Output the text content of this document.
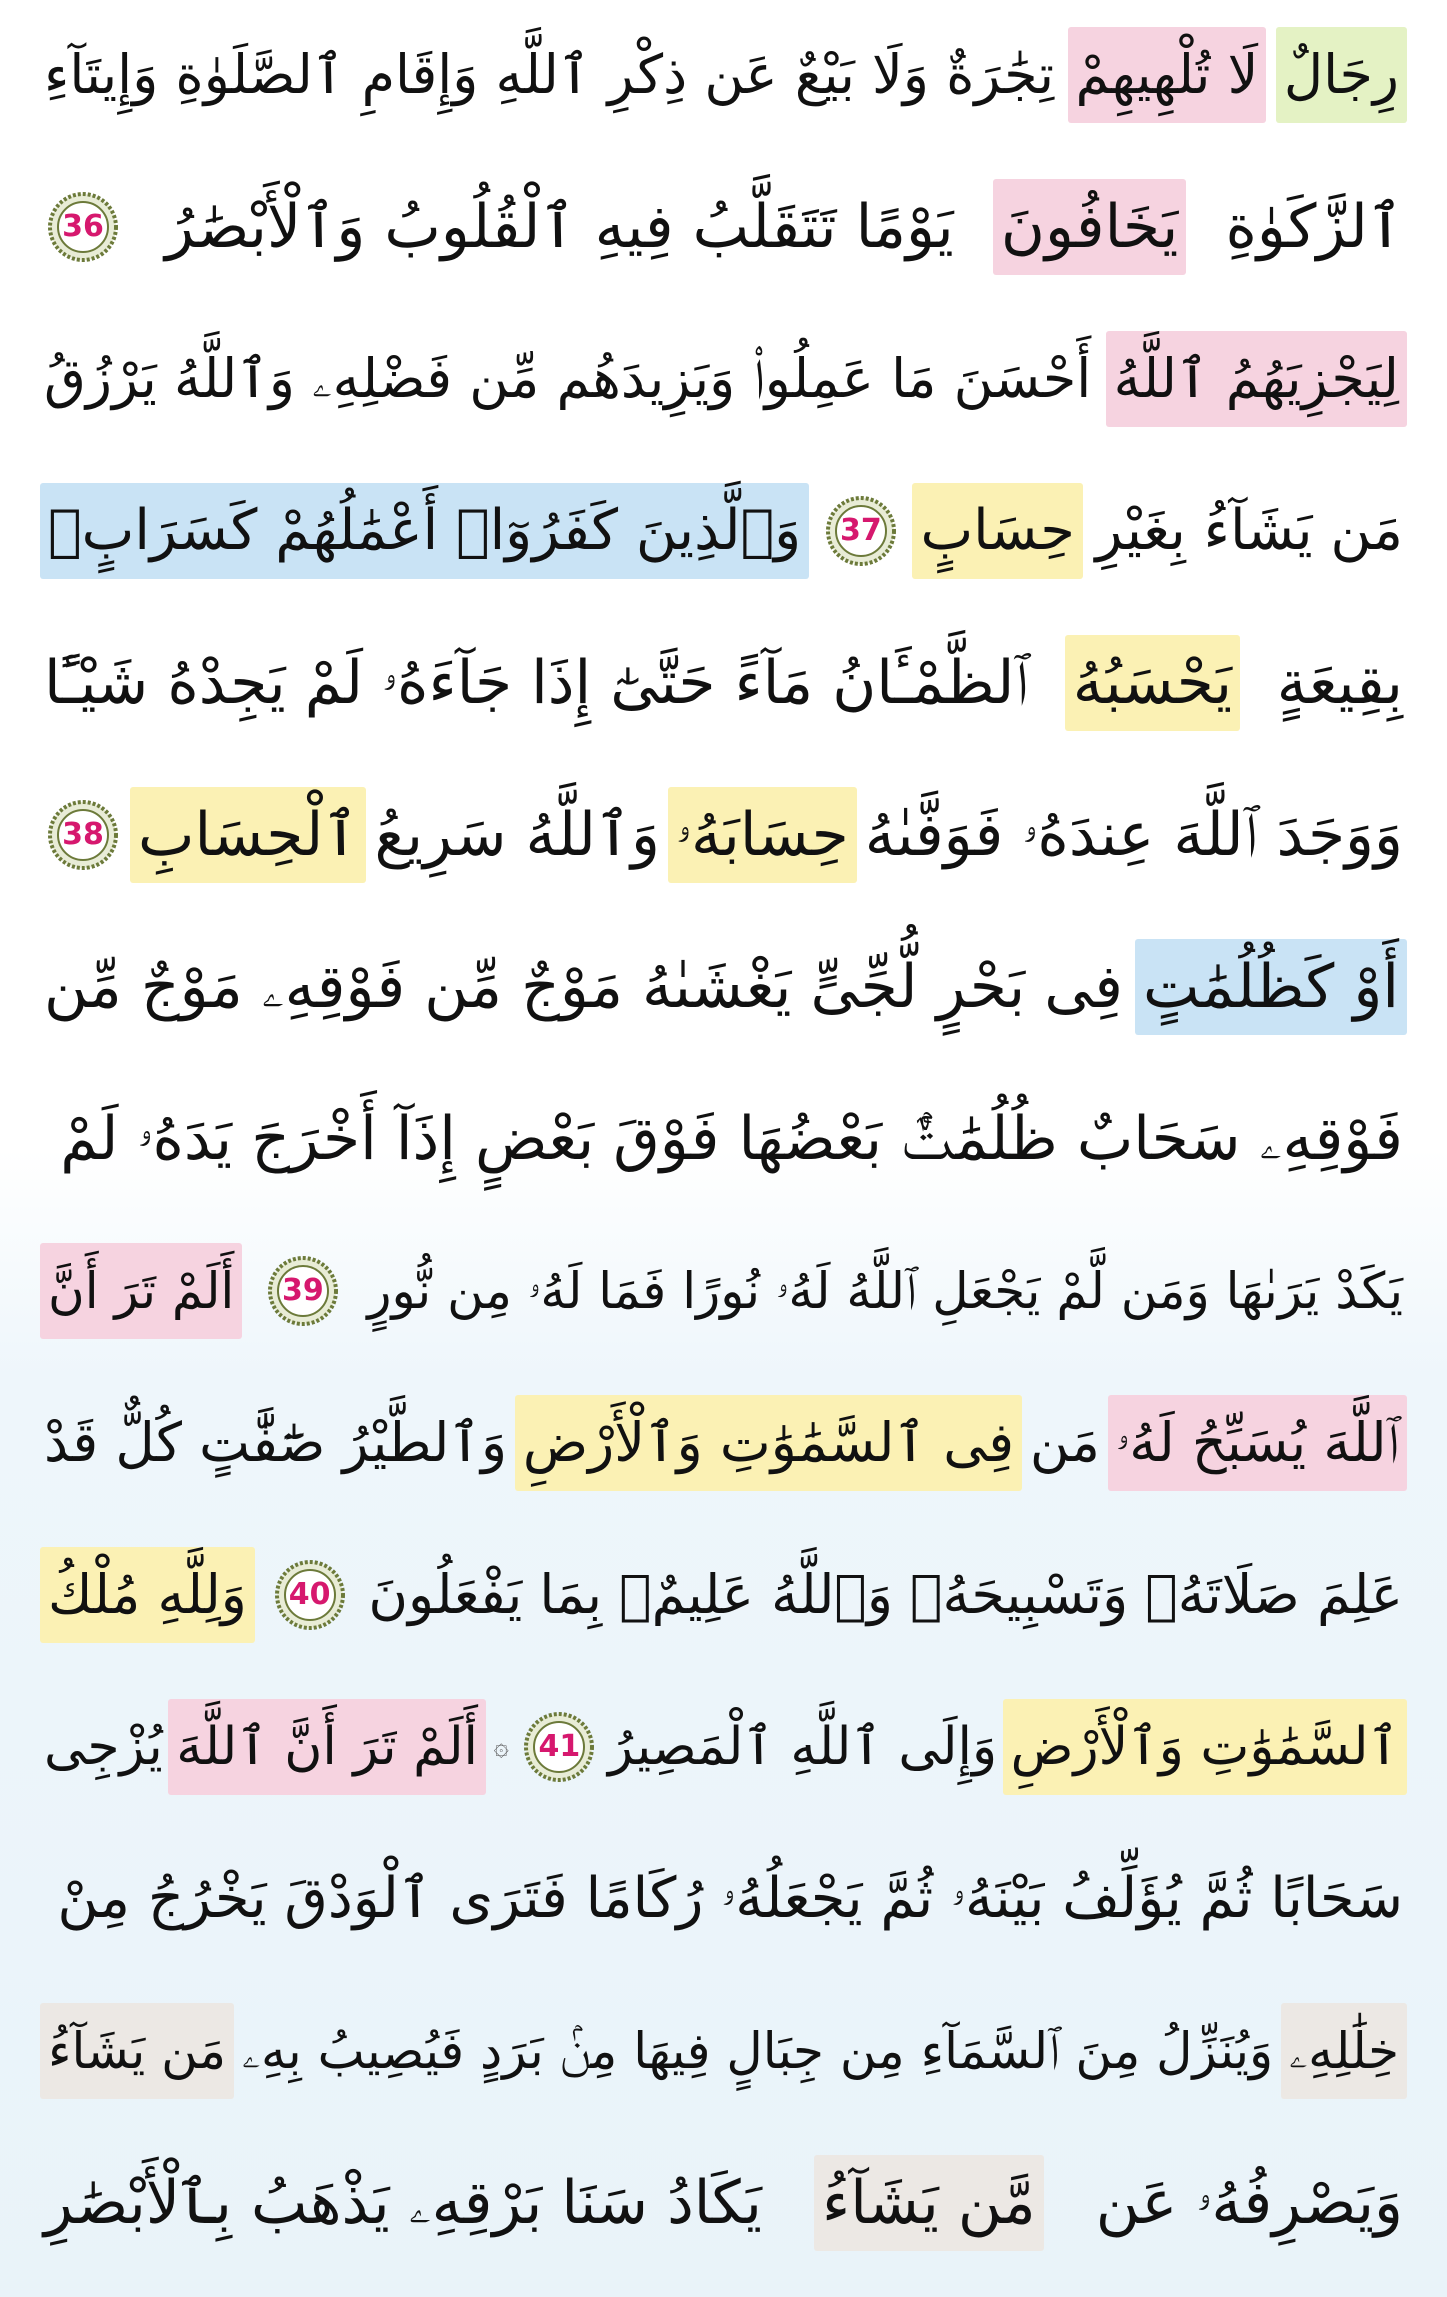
رِجَالٌ
لَا تُلْهِيهِمْ
تِجَٰرَةٌ وَلَا بَيْعٌ عَن ذِكْرِ ٱللَّهِ وَإِقَامِ ٱلصَّلَوٰةِ وَإِيتَآءِ
ٱلزَّكَوٰةِ
يَخَافُونَ
يَوْمًا تَتَقَلَّبُ فِيهِ ٱلْقُلُوبُ وَٱلْأَبْصَٰرُ
36
لِيَجْزِيَهُمُ ٱللَّهُ
أَحْسَنَ مَا عَمِلُوا۟ وَيَزِيدَهُم مِّن فَضْلِهِۦ وَٱللَّهُ يَرْزُقُ
مَن يَشَآءُ بِغَيْرِ
حِسَابٍ
37
وَٱلَّذِينَ كَفَرُوٓا۟ أَعْمَٰلُهُمْ كَسَرَابٍۭ
بِقِيعَةٍ
يَحْسَبُهُ
ٱلظَّمْـَٔانُ مَآءً حَتَّىٰٓ إِذَا جَآءَهُۥ لَمْ يَجِدْهُ شَيْـًٔا
وَوَجَدَ ٱللَّهَ عِندَهُۥ فَوَفَّىٰهُ
حِسَابَهُۥ
وَٱللَّهُ سَرِيعُ
ٱلْحِسَابِ
38
أَوْ كَظُلُمَٰتٍ
فِى بَحْرٍ لُّجِّىٍّ يَغْشَىٰهُ مَوْجٌ مِّن فَوْقِهِۦ مَوْجٌ مِّن
فَوْقِهِۦ سَحَابٌ ظُلُمَٰتٌۢ بَعْضُهَا فَوْقَ بَعْضٍ إِذَآ أَخْرَجَ يَدَهُۥ لَمْ
يَكَدْ يَرَىٰهَا وَمَن لَّمْ يَجْعَلِ ٱللَّهُ لَهُۥ نُورًا فَمَا لَهُۥ مِن نُّورٍ
39
أَلَمْ تَرَ أَنَّ
ٱللَّهَ يُسَبِّحُ لَهُۥ
مَن
فِى ٱلسَّمَٰوَٰتِ وَٱلْأَرْضِ
وَٱلطَّيْرُ صَٰٓفَّٰتٍ كُلٌّ قَدْ
عَلِمَ صَلَاتَهُۥ وَتَسْبِيحَهُۥ وَٱللَّهُ عَلِيمٌۢ بِمَا يَفْعَلُونَ
40
وَلِلَّهِ مُلْكُ
ٱلسَّمَٰوَٰتِ وَٱلْأَرْضِ
وَإِلَى ٱللَّهِ ٱلْمَصِيرُ
41
۞
أَلَمْ تَرَ أَنَّ ٱللَّهَ
يُزْجِى
سَحَابًا ثُمَّ يُؤَلِّفُ بَيْنَهُۥ ثُمَّ يَجْعَلُهُۥ رُكَامًا فَتَرَى ٱلْوَدْقَ يَخْرُجُ مِنْ
خِلَٰلِهِۦ
وَيُنَزِّلُ مِنَ ٱلسَّمَآءِ مِن جِبَالٍ فِيهَا مِنۢ بَرَدٍ فَيُصِيبُ بِهِۦ
مَن يَشَآءُ
وَيَصْرِفُهُۥ عَن
مَّن يَشَآءُ
يَكَادُ سَنَا بَرْقِهِۦ يَذْهَبُ بِٱلْأَبْصَٰرِ
